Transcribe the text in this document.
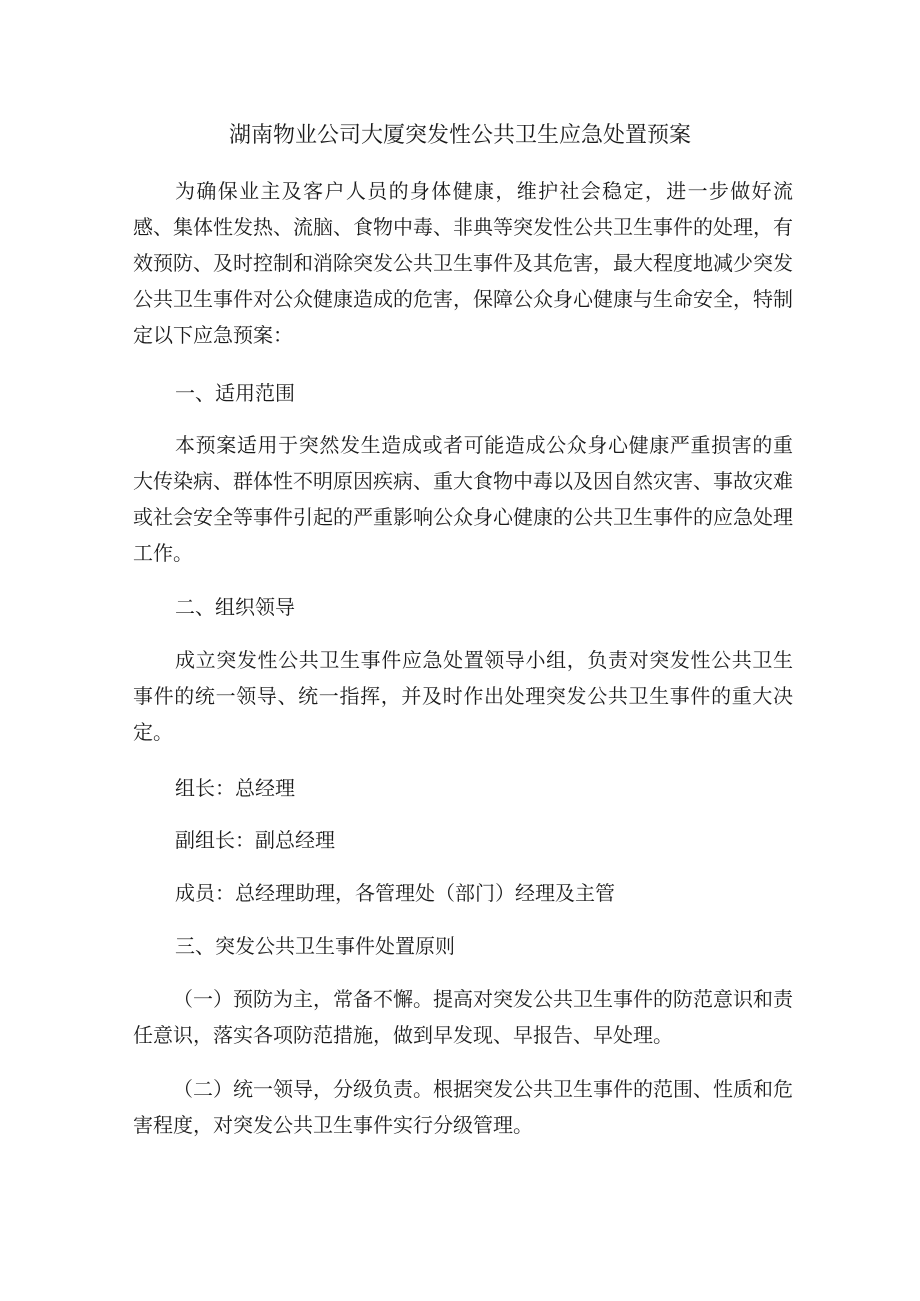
湖南物业公司大厦突发性公共卫生应急处置预案

为确保业主及客户人员的身体健康，维护社会稳定，进一步做好流感、集体性发热、流脑、食物中毒、非典等突发性公共卫生事件的处理，有效预防、及时控制和消除突发公共卫生事件及其危害，最大程度地减少突发公共卫生事件对公众健康造成的危害，保障公众身心健康与生命安全，特制定以下应急预案：

一、适用范围

本预案适用于突然发生造成或者可能造成公众身心健康严重损害的重大传染病、群体性不明原因疾病、重大食物中毒以及因自然灾害、事故灾难或社会安全等事件引起的严重影响公众身心健康的公共卫生事件的应急处理工作。

二、组织领导

成立突发性公共卫生事件应急处置领导小组，负责对突发性公共卫生事件的统一领导、统一指挥，并及时作出处理突发公共卫生事件的重大决定。

组长：总经理

副组长：副总经理

成员：总经理助理，各管理处（部门）经理及主管

三、突发公共卫生事件处置原则

（一）预防为主，常备不懈。提高对突发公共卫生事件的防范意识和责任意识，落实各项防范措施，做到早发现、早报告、早处理。

（二）统一领导，分级负责。根据突发公共卫生事件的范围、性质和危害程度，对突发公共卫生事件实行分级管理。
